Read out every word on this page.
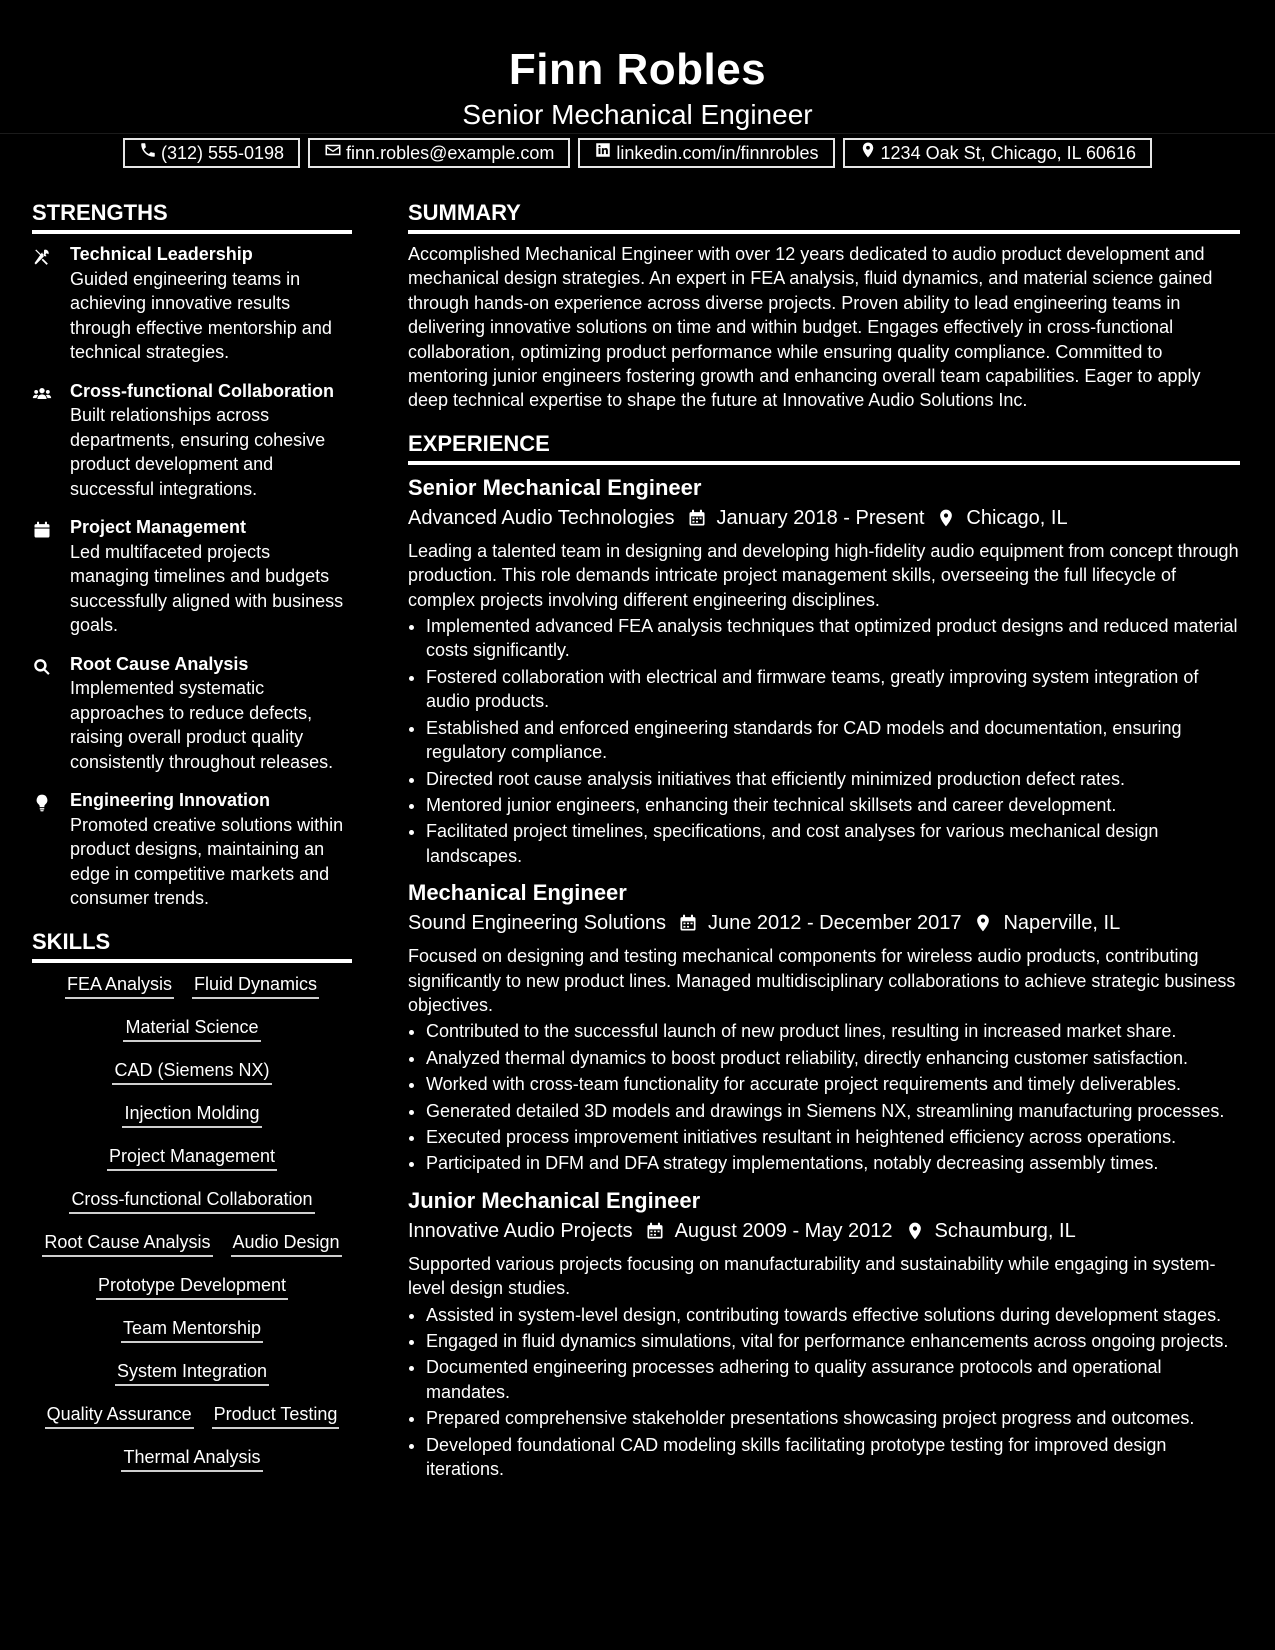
Finn Robles
Senior Mechanical Engineer
(312) 555-0198	finn.robles@example.com	linkedin.com/in/finnrobles	1234 Oak St, Chicago, IL 60616
STRENGTHS
Technical Leadership
Guided engineering teams in achieving innovative results through effective mentorship and technical strategies.
Cross-functional Collaboration
Built relationships across departments, ensuring cohesive product development and successful integrations.
Project Management
Led multifaceted projects managing timelines and budgets successfully aligned with business goals.
Root Cause Analysis
Implemented systematic approaches to reduce defects, raising overall product quality consistently throughout releases.
Engineering Innovation
Promoted creative solutions within product designs, maintaining an edge in competitive markets and consumer trends.
SKILLS
FEA Analysis Fluid Dynamics
Material Science
CAD (Siemens NX)
Injection Molding
Project Management
Cross-functional Collaboration
Root Cause Analysis Audio Design
Prototype Development
Team Mentorship
System Integration
Quality Assurance Product Testing
Thermal Analysis
SUMMARY
Accomplished Mechanical Engineer with over 12 years dedicated to audio product development and mechanical design strategies. An expert in FEA analysis, fluid dynamics, and material science gained through hands-on experience across diverse projects. Proven ability to lead engineering teams in delivering innovative solutions on time and within budget. Engages effectively in cross-functional collaboration, optimizing product performance while ensuring quality compliance. Committed to mentoring junior engineers fostering growth and enhancing overall team capabilities. Eager to apply deep technical expertise to shape the future at Innovative Audio Solutions Inc.
EXPERIENCE
Senior Mechanical Engineer
Advanced Audio Technologies January 2018 - Present Chicago, IL
Leading a talented team in designing and developing high-fidelity audio equipment from concept through production. This role demands intricate project management skills, overseeing the full lifecycle of complex projects involving different engineering disciplines.
• Implemented advanced FEA analysis techniques that optimized product designs and reduced material costs significantly.
• Fostered collaboration with electrical and firmware teams, greatly improving system integration of audio products.
• Established and enforced engineering standards for CAD models and documentation, ensuring regulatory compliance.
• Directed root cause analysis initiatives that efficiently minimized production defect rates.
• Mentored junior engineers, enhancing their technical skillsets and career development.
• Facilitated project timelines, specifications, and cost analyses for various mechanical design landscapes.
Mechanical Engineer
Sound Engineering Solutions June 2012 - December 2017 Naperville, IL
Focused on designing and testing mechanical components for wireless audio products, contributing significantly to new product lines. Managed multidisciplinary collaborations to achieve strategic business objectives.
• Contributed to the successful launch of new product lines, resulting in increased market share.
• Analyzed thermal dynamics to boost product reliability, directly enhancing customer satisfaction.
• Worked with cross-team functionality for accurate project requirements and timely deliverables.
• Generated detailed 3D models and drawings in Siemens NX, streamlining manufacturing processes.
• Executed process improvement initiatives resultant in heightened efficiency across operations.
• Participated in DFM and DFA strategy implementations, notably decreasing assembly times.
Junior Mechanical Engineer
Innovative Audio Projects August 2009 - May 2012 Schaumburg, IL
Supported various projects focusing on manufacturability and sustainability while engaging in system-level design studies.
• Assisted in system-level design, contributing towards effective solutions during development stages.
• Engaged in fluid dynamics simulations, vital for performance enhancements across ongoing projects.
• Documented engineering processes adhering to quality assurance protocols and operational mandates.
• Prepared comprehensive stakeholder presentations showcasing project progress and outcomes.
• Developed foundational CAD modeling skills facilitating prototype testing for improved design iterations.
